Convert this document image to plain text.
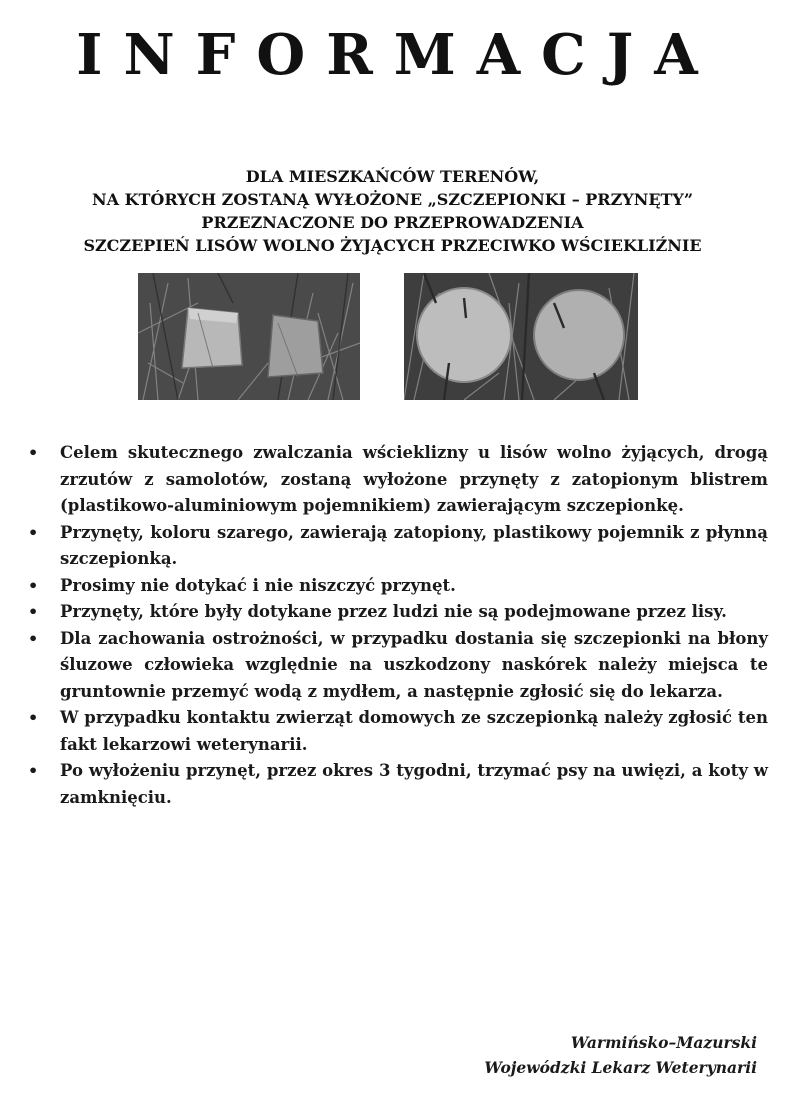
INFORMACJA
DLA MIESZKAŃCÓW TERENÓW,
NA KTÓRYCH ZOSTANĄ WYŁOŻONE „SZCZEPIONKI – PRZYNĘTY”
PRZEZNACZONE DO PRZEPROWADZENIA
SZCZEPIEŃ LISÓW WOLNO ŻYJĄCYCH PRZECIWKO WŚCIEKLIŹNIE
• Celem skutecznego zwalczania wścieklizny u lisów wolno żyjących, drogą zrzutów z samolotów, zostaną wyłożone przynęty z zatopionym blistrem (plastikowo-aluminiowym pojemnikiem) zawierającym szczepionkę.
• Przynęty, koloru szarego, zawierają zatopiony, plastikowy pojemnik z płynną szczepionką.
• Prosimy nie dotykać i nie niszczyć przynęt.
• Przynęty, które były dotykane przez ludzi nie są podejmowane przez lisy.
• Dla zachowania ostrożności, w przypadku dostania się szczepionki na błony śluzowe człowieka względnie na uszkodzony naskórek należy miejsca te gruntownie przemyć wodą z mydłem, a następnie zgłosić się do lekarza.
• W przypadku kontaktu zwierząt domowych ze szczepionką należy zgłosić ten fakt lekarzowi weterynarii.
• Po wyłożeniu przynęt, przez okres 3 tygodni, trzymać psy na uwięzi, a koty w zamknięciu.
Warmińsko–Mazurski
Wojewódzki Lekarz Weterynarii
